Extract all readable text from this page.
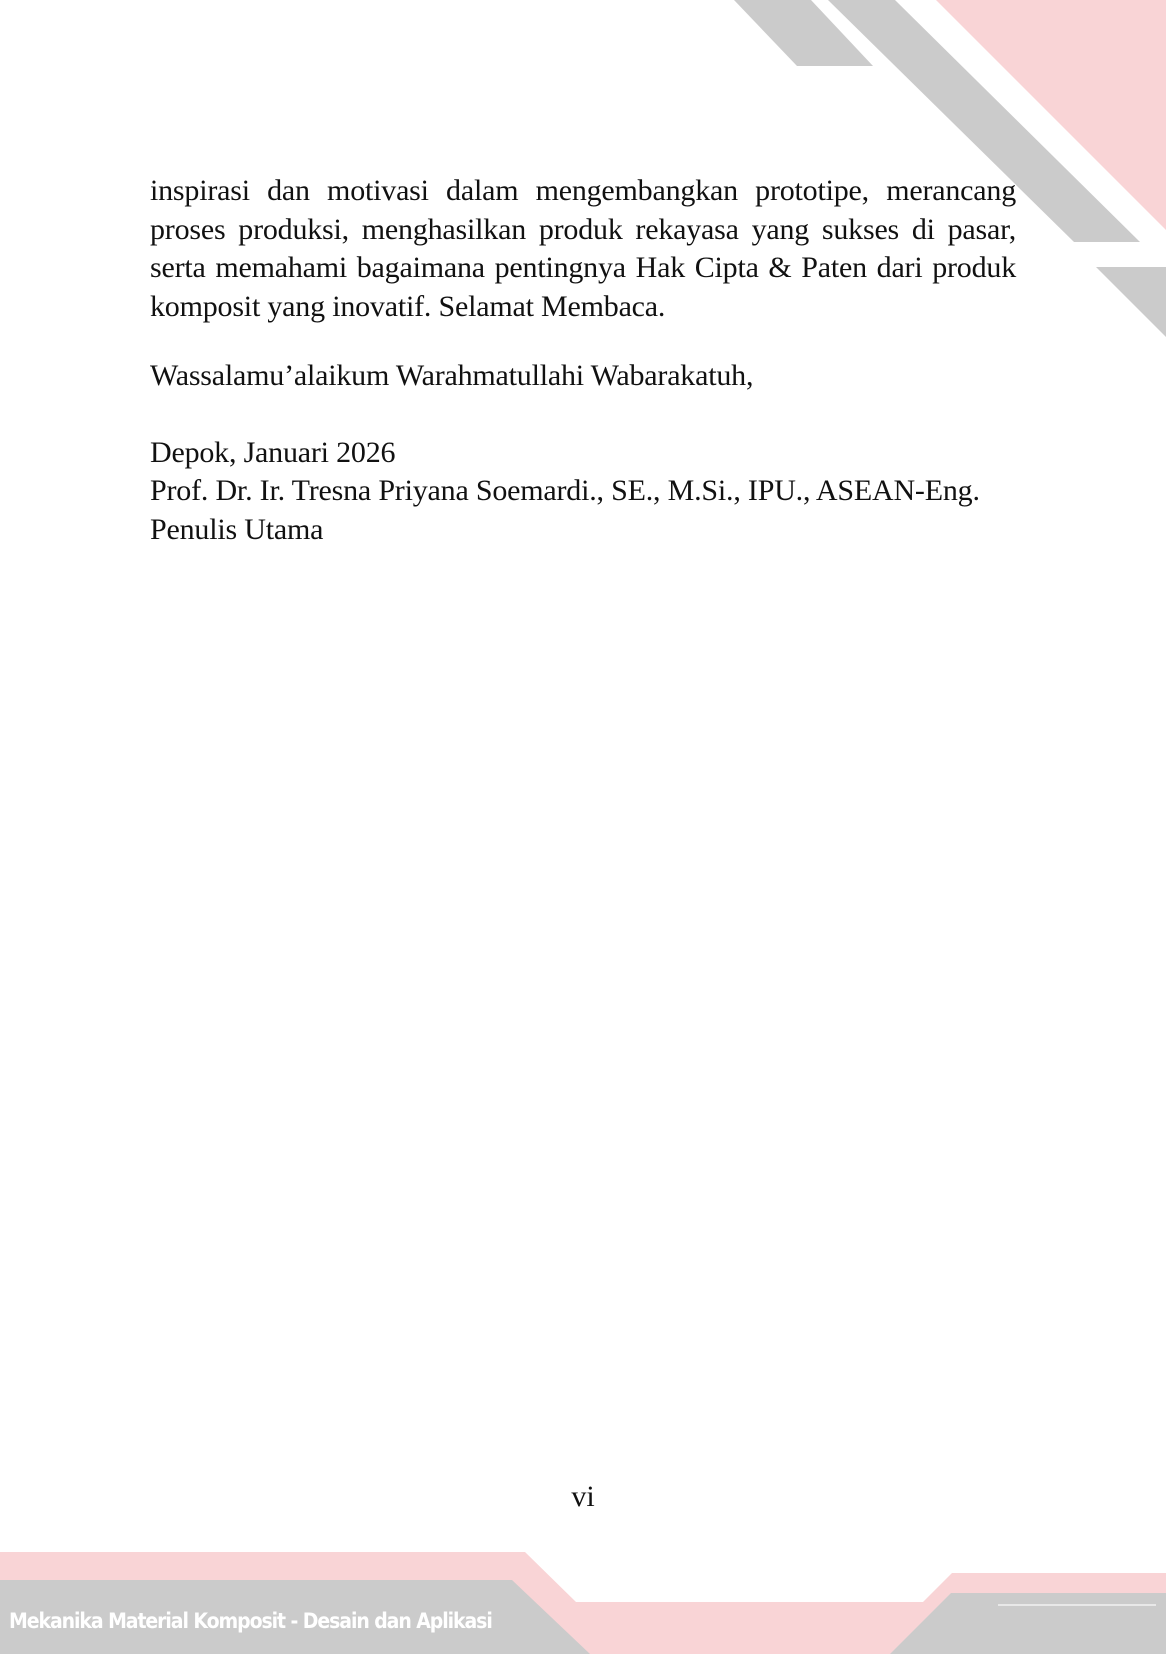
inspirasi dan motivasi dalam mengembangkan prototipe, merancang proses produksi, menghasilkan produk rekayasa yang sukses di pasar, serta memahami bagaimana pentingnya Hak Cipta & Paten dari produk komposit yang inovatif. Selamat Membaca.

Wassalamu’alaikum Warahmatullahi Wabarakatuh,

Depok, Januari 2026
Prof. Dr. Ir. Tresna Priyana Soemardi., SE., M.Si., IPU., ASEAN-Eng.
Penulis Utama
vi
Mekanika Material Komposit - Desain dan Aplikasi
